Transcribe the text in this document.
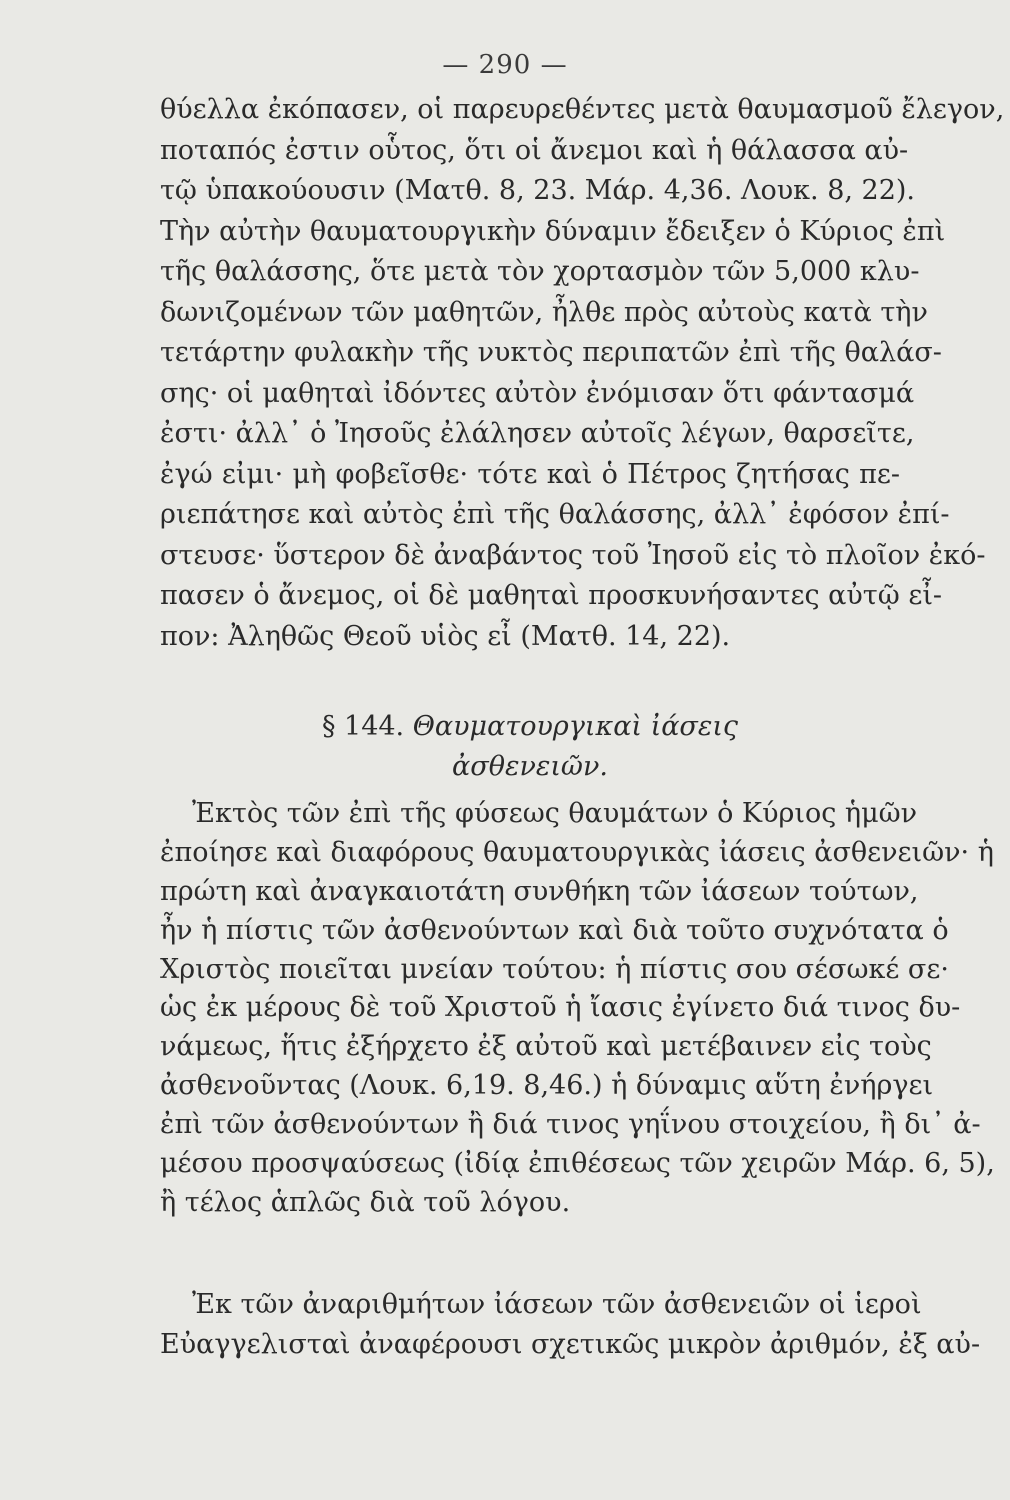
— 290 —
θύελλα ἐκόπασεν, οἱ παρευρεθέντες μετὰ θαυμασμοῦ ἔλεγον,
ποταπός ἐστιν οὗτος, ὅτι οἱ ἄνεμοι καὶ ἡ θάλασσα αὐ-
τῷ ὑπακούουσιν (Ματθ. 8, 23. Μάρ. 4,36. Λουκ. 8, 22).
Τὴν αὐτὴν θαυματουργικὴν δύναμιν ἔδειξεν ὁ Κύριος ἐπὶ
τῆς θαλάσσης, ὅτε μετὰ τὸν χορτασμὸν τῶν 5,000 κλυ-
δωνιζομένων τῶν μαθητῶν, ἦλθε πρὸς αὐτοὺς κατὰ τὴν
τετάρτην φυλακὴν τῆς νυκτὸς περιπατῶν ἐπὶ τῆς θαλάσ-
σης· οἱ μαθηταὶ ἰδόντες αὐτὸν ἐνόμισαν ὅτι φάντασμά
ἐστι· ἀλλ᾽ ὁ Ἰησοῦς ἐλάλησεν αὐτοῖς λέγων, θαρσεῖτε,
ἐγώ εἰμι· μὴ φοβεῖσθε· τότε καὶ ὁ Πέτρος ζητήσας πε-
ριεπάτησε καὶ αὐτὸς ἐπὶ τῆς θαλάσσης, ἀλλ᾽ ἐφόσον ἐπί-
στευσε· ὕστερον δὲ ἀναβάντος τοῦ Ἰησοῦ εἰς τὸ πλοῖον ἐκό-
πασεν ὁ ἄνεμος, οἱ δὲ μαθηταὶ προσκυνήσαντες αὐτῷ εἶ-
πον: Ἀληθῶς Θεοῦ υἱὸς εἶ (Ματθ. 14, 22).
§ 144. Θαυματουργικαὶ ἰάσεις
ἀσθενειῶν.
Ἐκτὸς τῶν ἐπὶ τῆς φύσεως θαυμάτων ὁ Κύριος ἡμῶν
ἐποίησε καὶ διαφόρους θαυματουργικὰς ἰάσεις ἀσθενειῶν· ἡ
πρώτη καὶ ἀναγκαιοτάτη συνθήκη τῶν ἰάσεων τούτων,
ἦν ἡ πίστις τῶν ἀσθενούντων καὶ διὰ τοῦτο συχνότατα ὁ
Χριστὸς ποιεῖται μνείαν τούτου: ἡ πίστις σου σέσωκέ σε·
ὡς ἐκ μέρους δὲ τοῦ Χριστοῦ ἡ ἴασις ἐγίνετο διά τινος δυ-
νάμεως, ἥτις ἐξήρχετο ἐξ αὐτοῦ καὶ μετέβαινεν εἰς τοὺς
ἀσθενοῦντας (Λουκ. 6,19. 8,46.) ἡ δύναμις αὕτη ἐνήργει
ἐπὶ τῶν ἀσθενούντων ἢ διά τινος γηΐνου στοιχείου, ἢ δι᾽ ἀ-
μέσου προσψαύσεως (ἰδίᾳ ἐπιθέσεως τῶν χειρῶν Μάρ. 6, 5),
ἢ τέλος ἁπλῶς διὰ τοῦ λόγου.
Ἐκ τῶν ἀναριθμήτων ἰάσεων τῶν ἀσθενειῶν οἱ ἱεροὶ
Εὐαγγελισταὶ ἀναφέρουσι σχετικῶς μικρὸν ἀριθμόν, ἐξ αὐ-
